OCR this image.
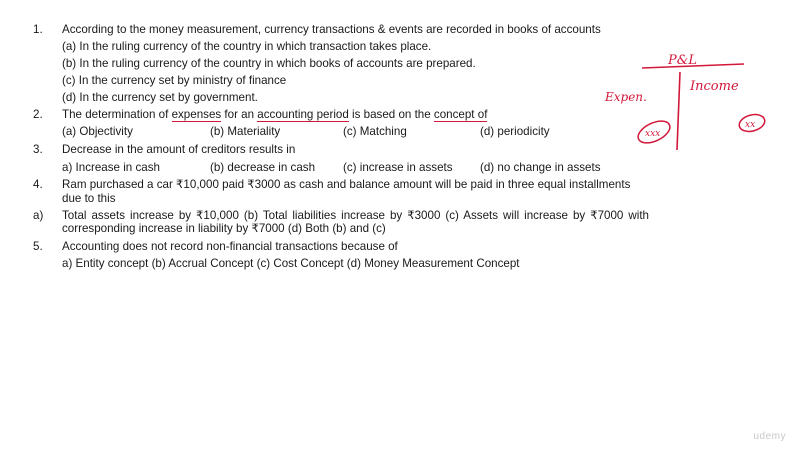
1. According to the money measurement, currency transactions & events are recorded in books of accounts
(a) In the ruling currency of the country in which transaction takes place.
(b) In the ruling currency of the country in which books of accounts are prepared.
(c) In the currency set by ministry of finance
(d) In the currency set by government.
2. The determination of expenses for an accounting period is based on the concept of
(a) Objectivity	(b) Materiality	(c) Matching	(d) periodicity
3. Decrease in the amount of creditors results in
a) Increase in cash	(b) decrease in cash (c) increase in assets (d) no change in assets
4. Ram purchased a car ₹10,000 paid ₹3000 as cash and balance amount will be paid in three equal installments
due to this
a) Total assets increase by ₹10,000 (b) Total liabilities increase by ₹3000 (c) Assets will increase by ₹7000 with
corresponding increase in liability by ₹7000 (d) Both (b) and (c)
5. Accounting does not record non-financial transactions because of
a) Entity concept (b) Accrual Concept (c) Cost Concept (d) Money Measurement Concept
P&L
Expen.
Income
xxx
xx
udemy
